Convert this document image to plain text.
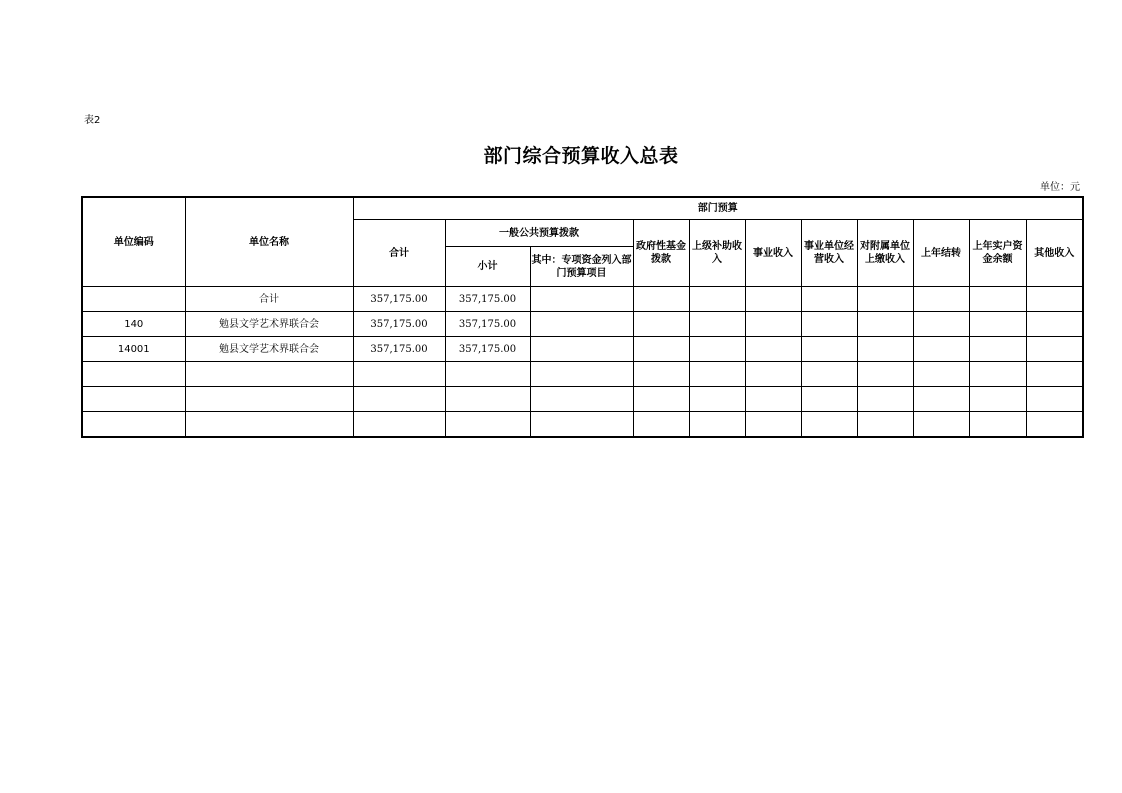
表2
部门综合预算收入总表
单位：元
单位编码	单位名称	部门预算										
		合计	一般公共预算拨款		政府性基金拨款	上级补助收入	事业收入	事业单位经营收入	对附属单位上缴收入	上年结转	上年实户资金余额	其他收入
			小计	其中：专项资金列入部门预算项目								
	合计	357,175.00	357,175.00									
140	勉县文学艺术界联合会	357,175.00	357,175.00									
14001	勉县文学艺术界联合会	357,175.00	357,175.00									
